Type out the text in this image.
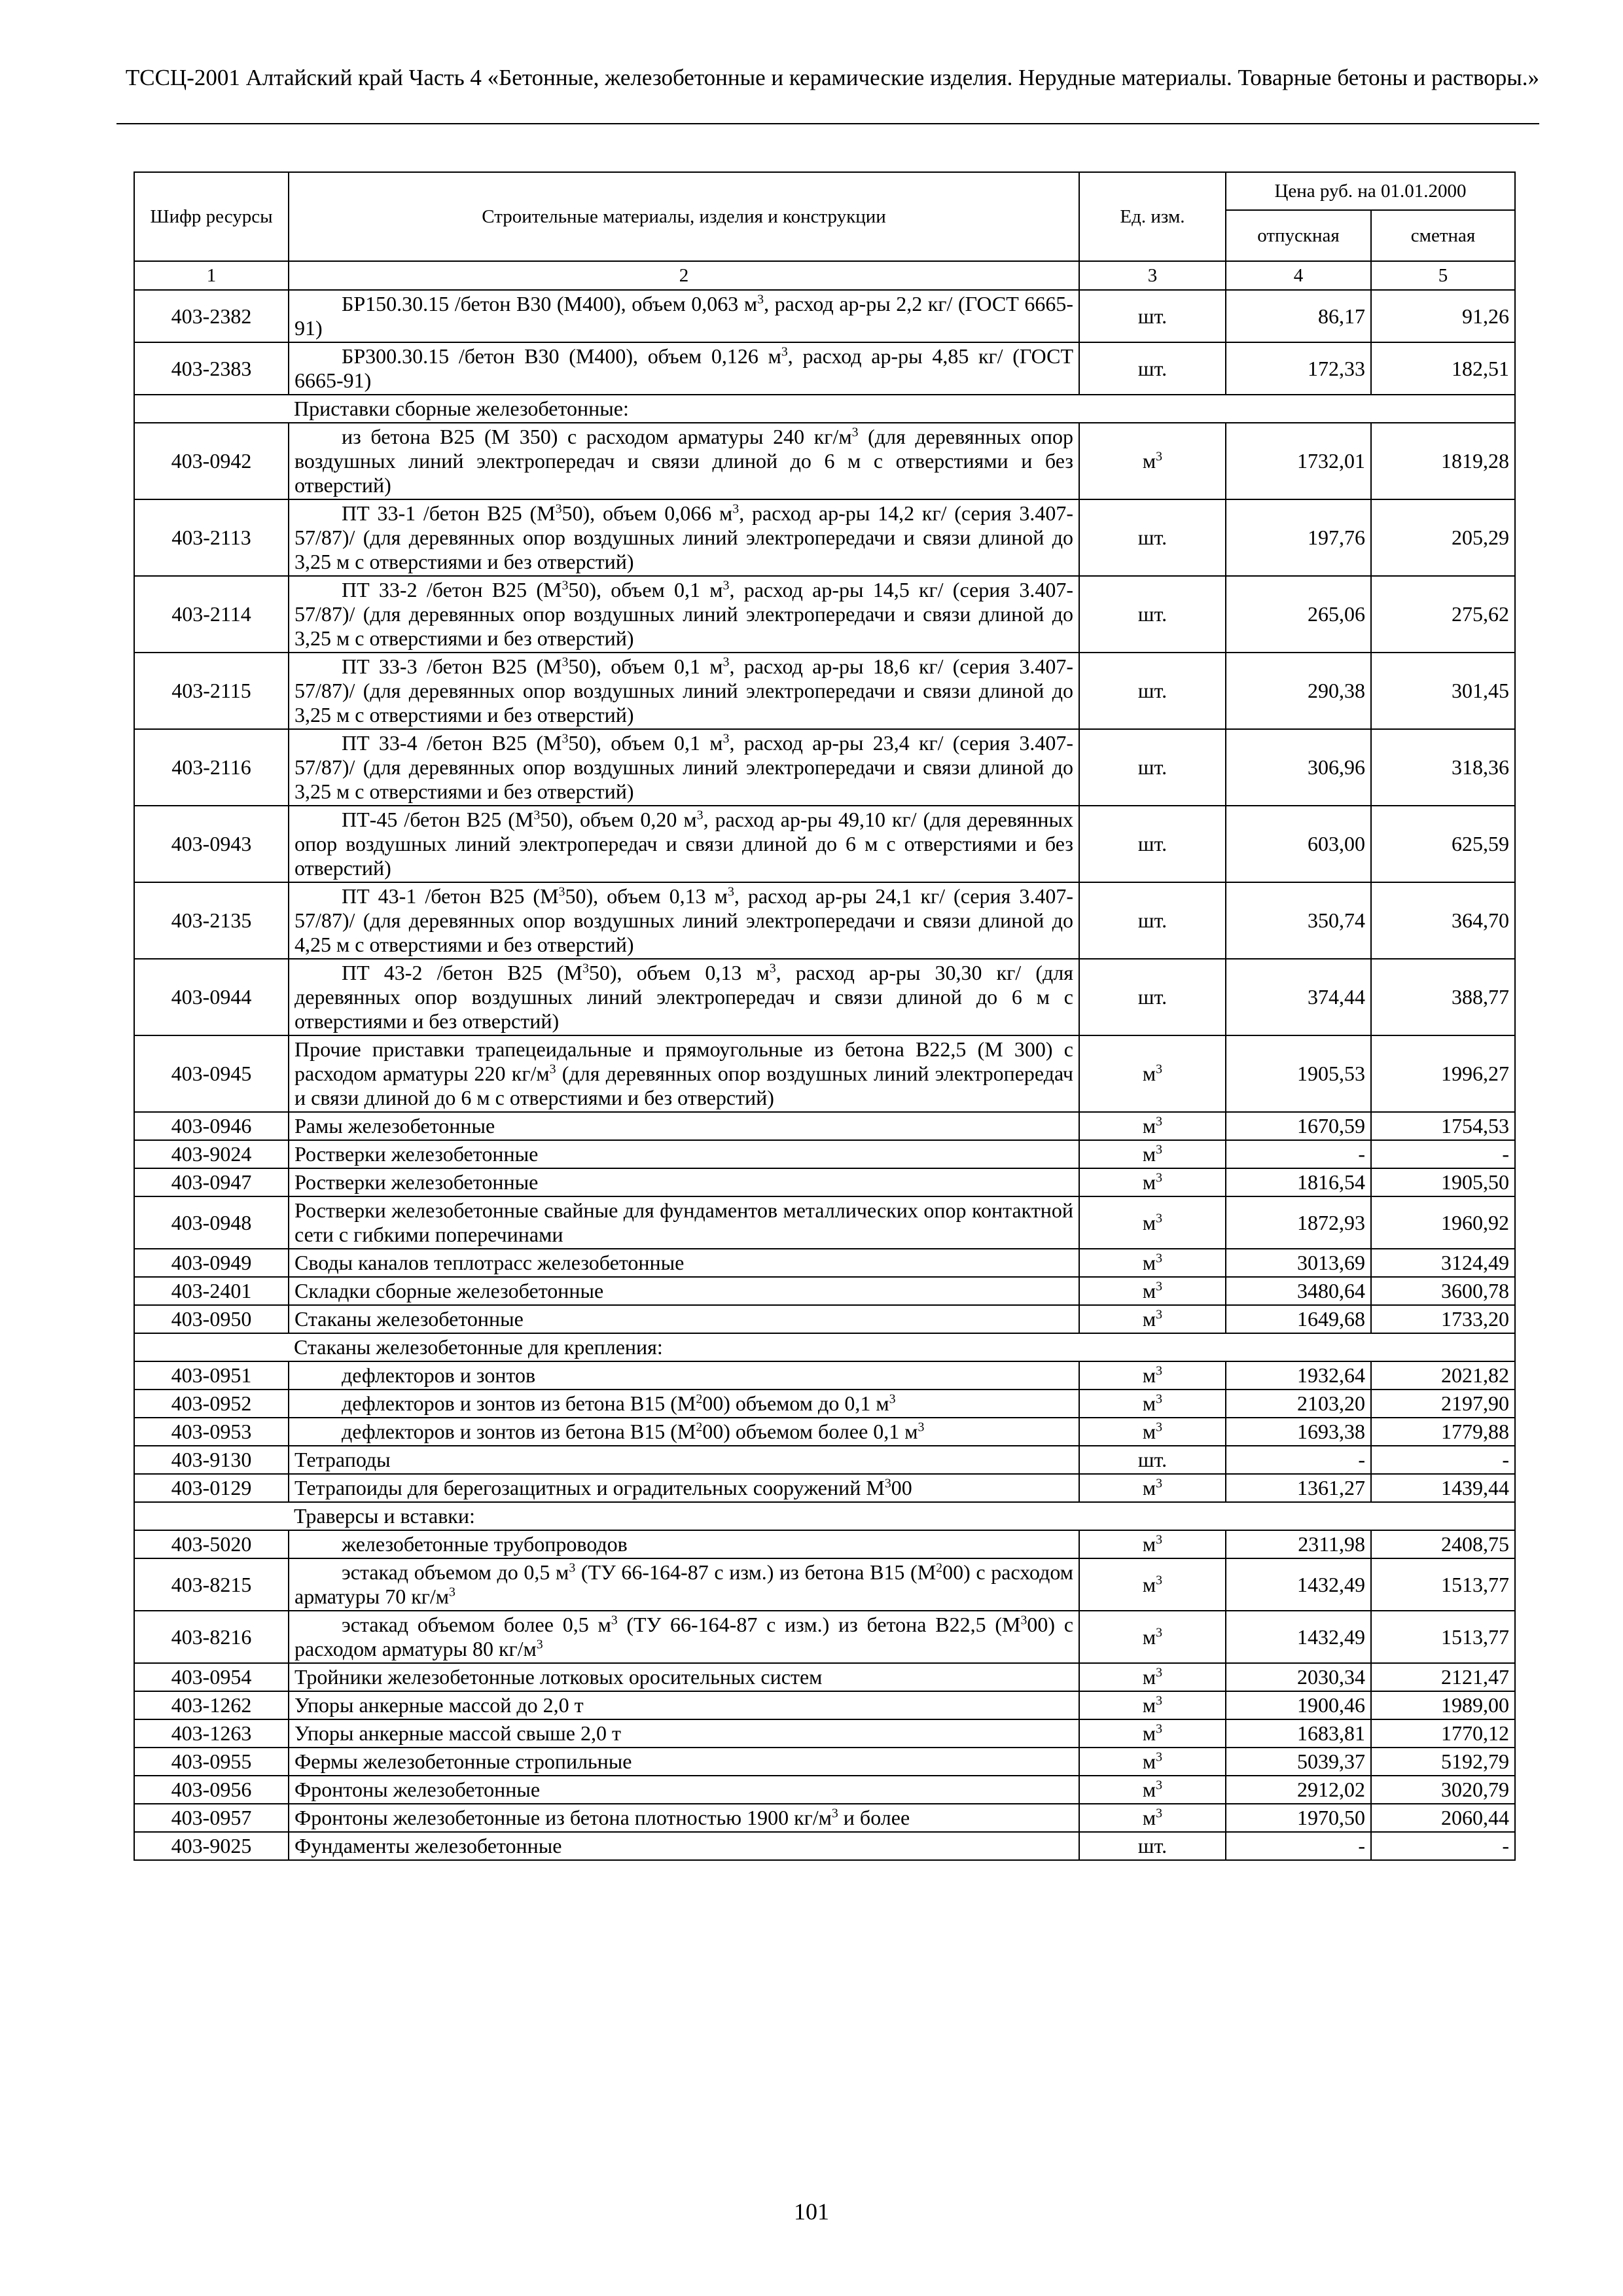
ТССЦ-2001 Алтайский край Часть 4 «Бетонные, железобетонные и керамические изделия. Нерудные материалы. Товарные бетоны и растворы.»
Шифр ресурсы	Строительные материалы, изделия и конструкции	Ед. изм.	Цена руб. на 01.01.2000	
			отпускная	сметная
1	2	3	4	5
403-2382	БР150.30.15 /бетон В30 (М400), объем 0,063 $м^3$, расход ар-ры 2,2 кг/ (ГОСТ 6665-91)	шт.	86,17	91,26
403-2383	БР300.30.15 /бетон В30 (М400), объем 0,126 $м^3$, расход ар-ры 4,85 кг/ (ГОСТ 6665-91)	шт.	172,33	182,51
	Приставки сборные железобетонные:			
403-0942	из бетона В25 (М 350) с расходом арматуры 240 $кг/м^3$ (для деревянных опор воздушных линий электропередач и связи длиной до 6 м с отверстиями и без отверстий)	$м^3$	1732,01	1819,28
403-2113	ПТ 33-1 /бетон В25 $(М^350)$, объем 0,066 $м^3$, расход ар-ры 14,2 кг/ (серия 3.407-57/87)/ (для деревянных опор воздушных линий электропередачи и связи длиной до 3,25 м с отверстиями и без отверстий)	шт.	197,76	205,29
403-2114	ПТ 33-2 /бетон В25 $(М^350)$, объем 0,1 $м^3$, расход ар-ры 14,5 кг/ (серия 3.407-57/87)/ (для деревянных опор воздушных линий электропередачи и связи длиной до 3,25 м с отверстиями и без отверстий)	шт.	265,06	275,62
403-2115	ПТ 33-3 /бетон В25 $(М^350)$, объем 0,1 $м^3$, расход ар-ры 18,6 кг/ (серия 3.407-57/87)/ (для деревянных опор воздушных линий электропередачи и связи длиной до 3,25 м с отверстиями и без отверстий)	шт.	290,38	301,45
403-2116	ПТ 33-4 /бетон В25 $(М^350)$, объем 0,1 $м^3$, расход ар-ры 23,4 кг/ (серия 3.407-57/87)/ (для деревянных опор воздушных линий электропередачи и связи длиной до 3,25 м с отверстиями и без отверстий)	шт.	306,96	318,36
403-0943	ПТ-45 /бетон В25 $(М^350)$, объем 0,20 $м^3$, расход ар-ры 49,10 кг/ (для деревянных опор воздушных линий электропередач и связи длиной до 6 м с отверстиями и без отверстий)	шт.	603,00	625,59
403-2135	ПТ 43-1 /бетон В25 $(М^350)$, объем 0,13 $м^3$, расход ар-ры 24,1 кг/ (серия 3.407-57/87)/ (для деревянных опор воздушных линий электропередачи и связи длиной до 4,25 м с отверстиями и без отверстий)	шт.	350,74	364,70
403-0944	ПТ 43-2 /бетон В25 $(М^350)$, объем 0,13 $м^3$, расход ар-ры 30,30 кг/ (для деревянных опор воздушных линий электропередач и связи длиной до 6 м с отверстиями и без отверстий)	шт.	374,44	388,77
403-0945	Прочие приставки трапецеидальные и прямоугольные из бетона В22,5 (М 300) с расходом арматуры 220 $кг/м^3$ (для деревянных опор воздушных линий электропередач и связи длиной до 6 м с отверстиями и без отверстий)	$м^3$	1905,53	1996,27
403-0946	Рамы железобетонные	$м^3$	1670,59	1754,53
403-9024	Ростверки железобетонные	$м^3$	-	-
403-0947	Ростверки железобетонные	$м^3$	1816,54	1905,50
403-0948	Ростверки железобетонные свайные для фундаментов металлических опор контактной сети с гибкими поперечинами	$м^3$	1872,93	1960,92
403-0949	Своды каналов теплотрасс железобетонные	$м^3$	3013,69	3124,49
403-2401	Складки сборные железобетонные	$м^3$	3480,64	3600,78
403-0950	Стаканы железобетонные	$м^3$	1649,68	1733,20
	Стаканы железобетонные для крепления:			
403-0951	дефлекторов и зонтов	$м^3$	1932,64	2021,82
403-0952	дефлекторов и зонтов из бетона В15 $(М^200)$ объемом до 0,1 $м^3$	$м^3$	2103,20	2197,90
403-0953	дефлекторов и зонтов из бетона В15 $(М^200)$ объемом более 0,1 $м^3$	$м^3$	1693,38	1779,88
403-9130	Тетраподы	шт.	-	-
403-0129	Тетрапоиды для берегозащитных и оградительных сооружений $М^300$	$м^3$	1361,27	1439,44
	Траверсы и вставки:			
403-5020	железобетонные трубопроводов	$м^3$	2311,98	2408,75
403-8215	эстакад объемом до 0,5 $м^3$ (ТУ 66-164-87 с изм.) из бетона В15 $(М^200)$ с расходом арматуры 70 $кг/м^3$	$м^3$	1432,49	1513,77
403-8216	эстакад объемом более 0,5 $м^3$ (ТУ 66-164-87 с изм.) из бетона В22,5 $(М^300)$ с расходом арматуры 80 $кг/м^3$	$м^3$	1432,49	1513,77
403-0954	Тройники железобетонные лотковых оросительных систем	$м^3$	2030,34	2121,47
403-1262	Упоры анкерные массой до 2,0 т	$м^3$	1900,46	1989,00
403-1263	Упоры анкерные массой свыше 2,0 т	$м^3$	1683,81	1770,12
403-0955	Фермы железобетонные стропильные	$м^3$	5039,37	5192,79
403-0956	Фронтоны железобетонные	$м^3$	2912,02	3020,79
403-0957	Фронтоны железобетонные из бетона плотностью 1900 $кг/м^3$ и более	$м^3$	1970,50	2060,44
403-9025	Фундаменты железобетонные	шт.	-	-
101
